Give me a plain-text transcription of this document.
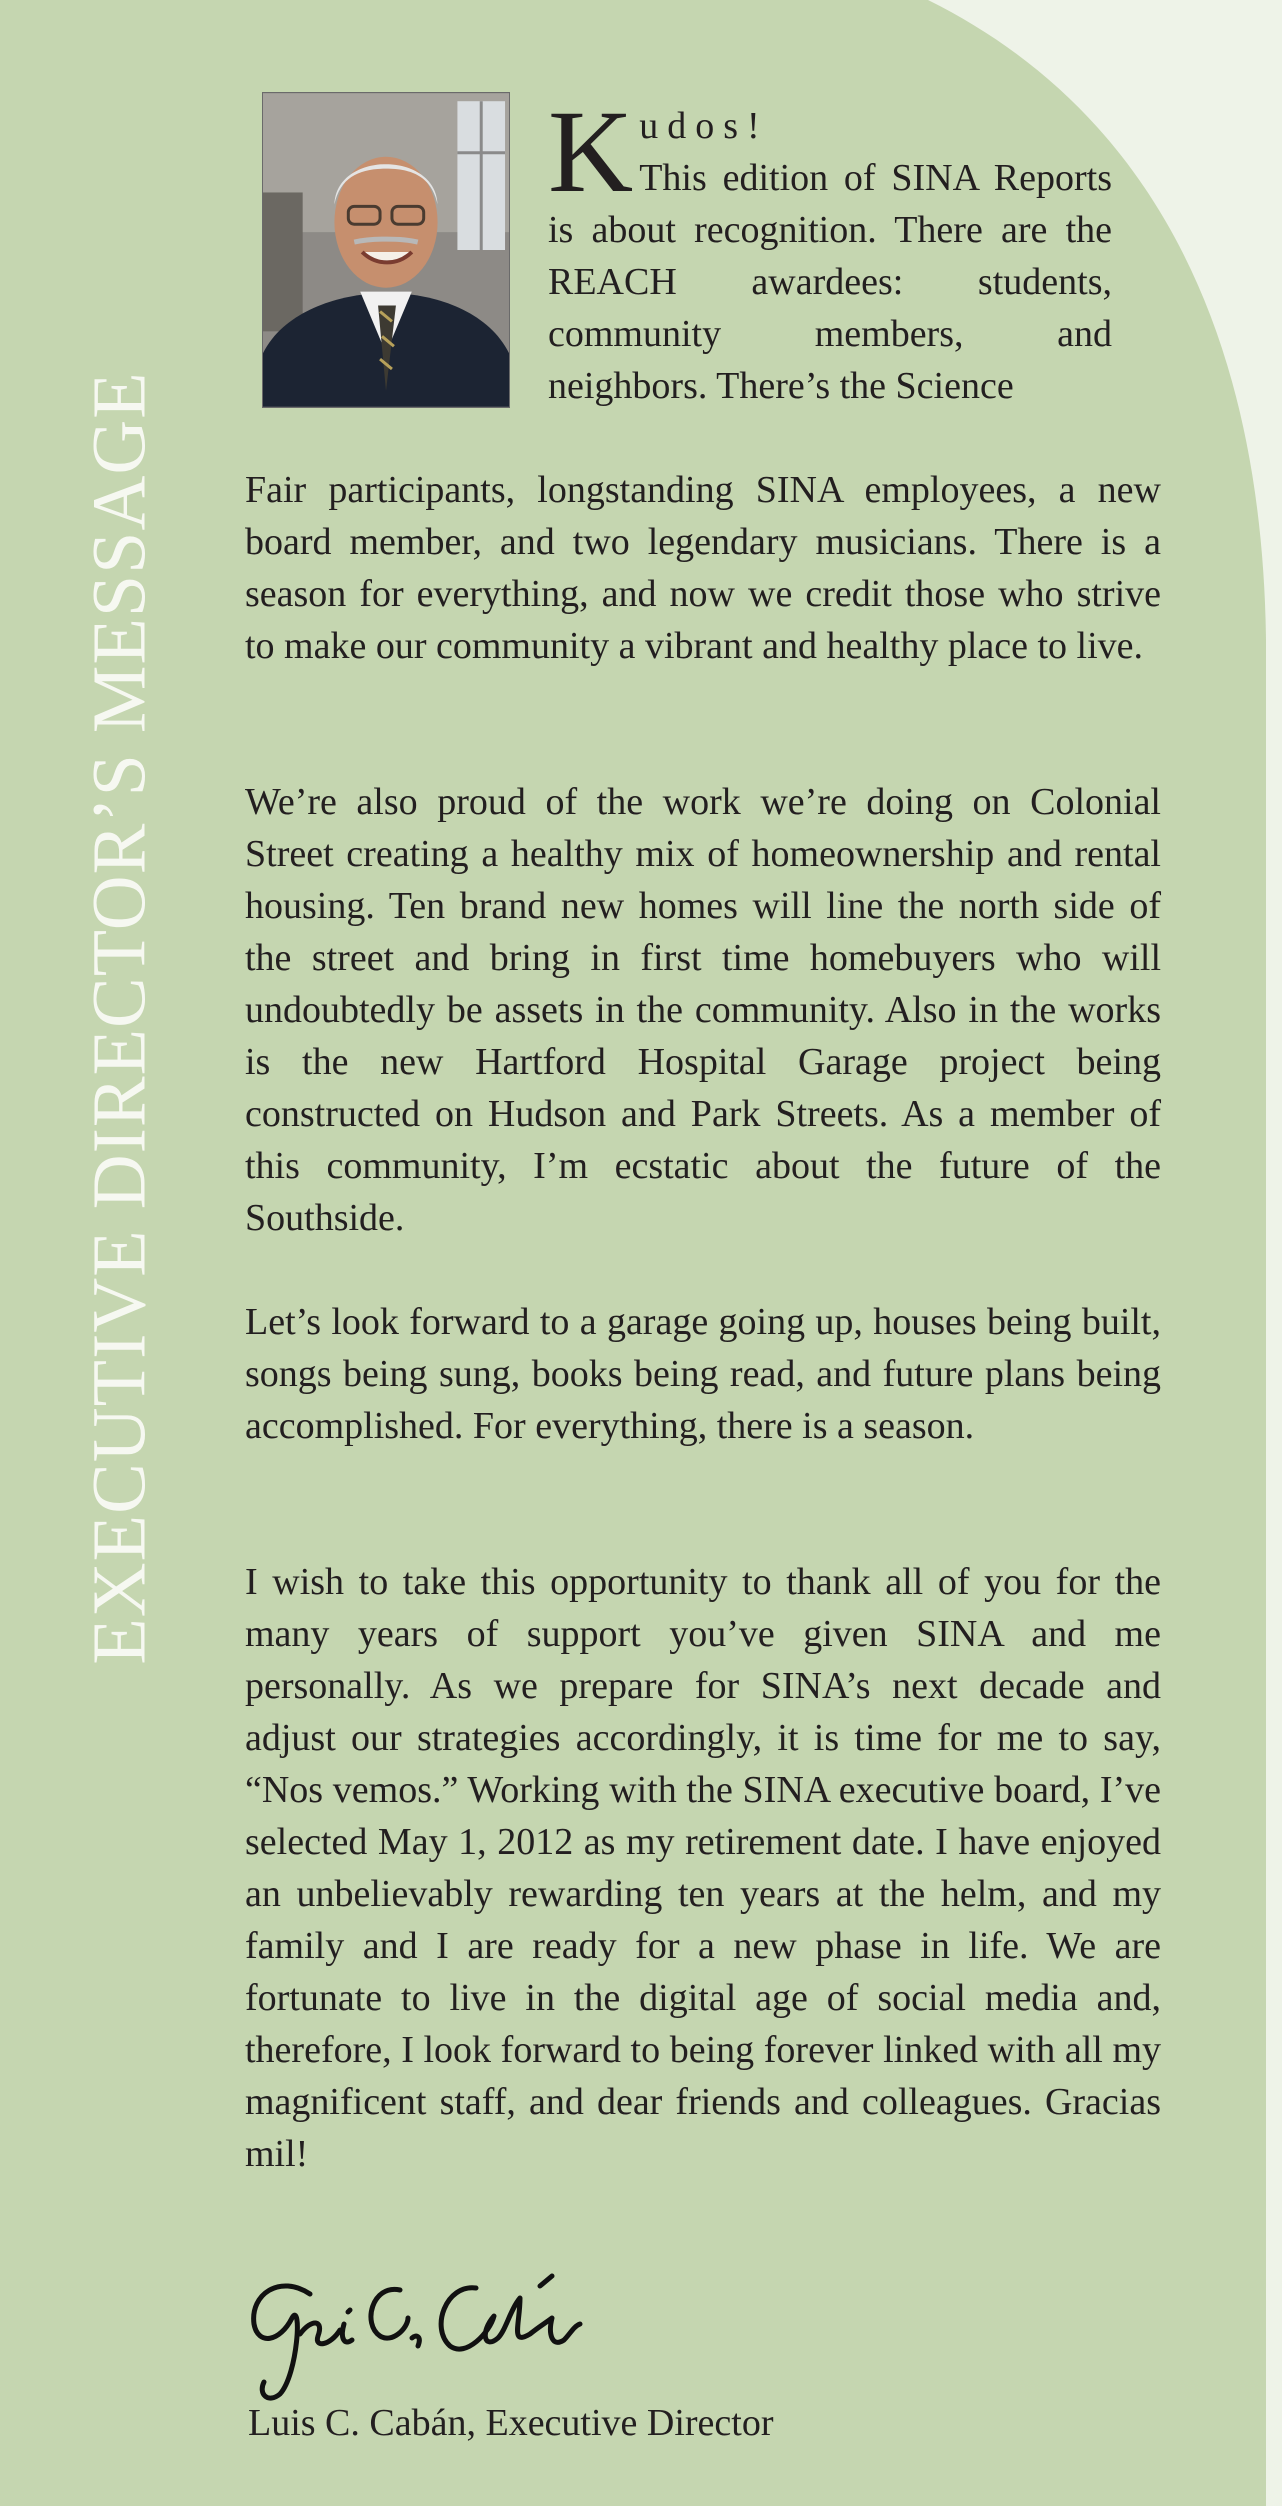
EXECUTIVE DIRECTOR’S MESSAGE
K udos!
This edition of SINA Reports is about recognition. There are the REACH awardees: students, community members, and neighbors. There’s the Science

Fair participants, longstanding SINA employees, a new board member, and two legendary musicians. There is a season for everything, and now we credit those who strive to make our community a vibrant and healthy place to live.

We’re also proud of the work we’re doing on Colonial Street creating a healthy mix of homeownership and rental housing. Ten brand new homes will line the north side of the street and bring in first time homebuyers who will undoubtedly be assets in the community. Also in the works is the new Hartford Hospital Garage project being constructed on Hudson and Park Streets. As a member of this community, I’m ecstatic about the future of the Southside.

Let’s look forward to a garage going up, houses being built, songs being sung, books being read, and future plans being accomplished. For everything, there is a season.

I wish to take this opportunity to thank all of you for the many years of support you’ve given SINA and me personally. As we prepare for SINA’s next decade and adjust our strategies accordingly, it is time for me to say, “Nos vemos.” Working with the SINA executive board, I’ve selected May 1, 2012 as my retirement date. I have enjoyed an unbelievably rewarding ten years at the helm, and my family and I are ready for a new phase in life. We are fortunate to live in the digital age of social media and, therefore, I look forward to being forever linked with all my magnificent staff, and dear friends and colleagues. Gracias mil!

Luis C. Cabán, Executive Director
